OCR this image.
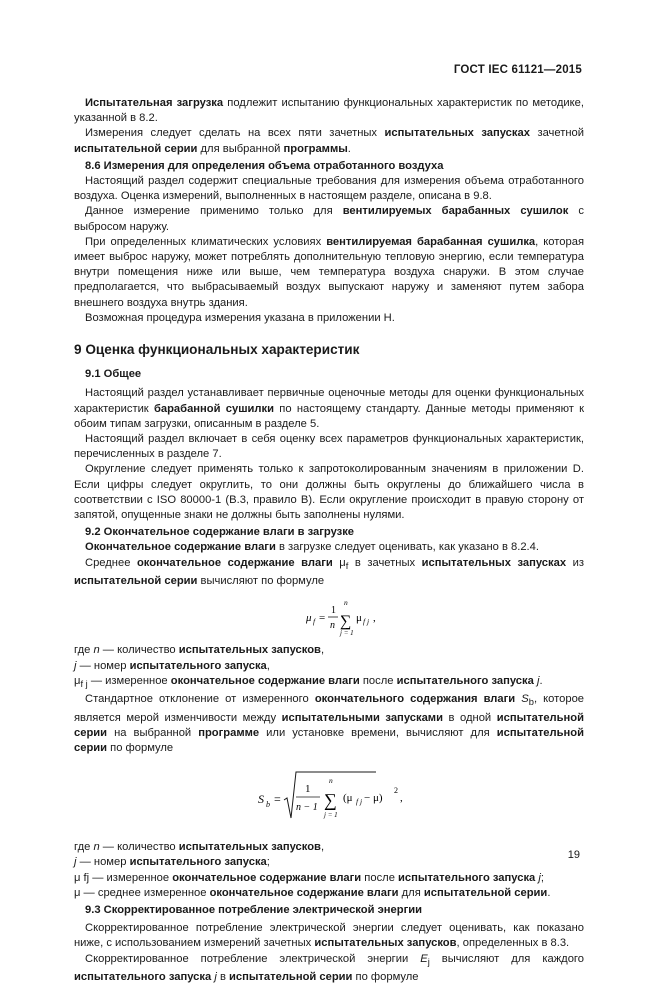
ГОСТ IEC 61121—2015

Испытательная загрузка подлежит испытанию функциональных характеристик по методике, указанной в 8.2.

Измерения следует сделать на всех пяти зачетных испытательных запусках зачетной испытательной серии для выбранной программы.

8.6 Измерения для определения объема отработанного воздуха

Настоящий раздел содержит специальные требования для измерения объема отработанного воздуха. Оценка измерений, выполненных в настоящем разделе, описана в 9.8.

Данное измерение применимо только для вентилируемых барабанных сушилок с выбросом наружу.

При определенных климатических условиях вентилируемая барабанная сушилка, которая имеет выброс наружу, может потреблять дополнительную тепловую энергию, если температура внутри помещения ниже или выше, чем температура воздуха снаружи. В этом случае предполагается, что выбрасываемый воздух выпускают наружу и заменяют путем забора внешнего воздуха внутрь здания.

Возможная процедура измерения указана в приложении Н.

9 Оценка функциональных характеристик

9.1 Общее

Настоящий раздел устанавливает первичные оценочные методы для оценки функциональных характеристик барабанной сушилки по настоящему стандарту. Данные методы применяют к обоим типам загрузки, описанным в разделе 5.

Настоящий раздел включает в себя оценку всех параметров функциональных характеристик, перечисленных в разделе 7.

Округление следует применять только к запротоколированным значениям в приложении D. Если цифры следует округлить, то они должны быть округлены до ближайшего числа в соответствии с ISO 80000-1 (B.3, правило B). Если округление происходит в правую сторону от запятой, опущенные знаки не должны быть заполнены нулями.

9.2 Окончательное содержание влаги в загрузке

Окончательное содержание влаги в загрузке следует оценивать, как указано в 8.2.4.

Среднее окончательное содержание влаги $\mu_f$ в зачетных испытательных запусках из испытательной серии вычисляют по формуле

μ f =
1
n
n
∑
j = 1
μ f j ,

где n — количество испытательных запусков,

j — номер испытательного запуска,

$\mu_{f j}$ — измеренное окончательное содержание влаги после испытательного запуска j.

Стандартное отклонение от измеренного окончательного содержания влаги $S_b$, которое является мерой изменчивости между испытательными запусками в одной испытательной серии на выбранной программе или установке времени, вычисляют для испытательной серии по формуле

S b =
1
n − 1
n
∑
j = 1
(μ f j − μ)
2
,

где n — количество испытательных запусков,

j — номер испытательного запуска;

μ fj — измеренное окончательное содержание влаги после испытательного запуска j;

μ — среднее измеренное окончательное содержание влаги для испытательной серии.

9.3 Скорректированное потребление электрической энергии

Скорректированное потребление электрической энергии следует оценивать, как показано ниже, с использованием измерений зачетных испытательных запусков, определенных в 8.3.

Скорректированное потребление электрической энергии $E_j$ вычисляют для каждого испытательного запуска j в испытательной серии по формуле

19
